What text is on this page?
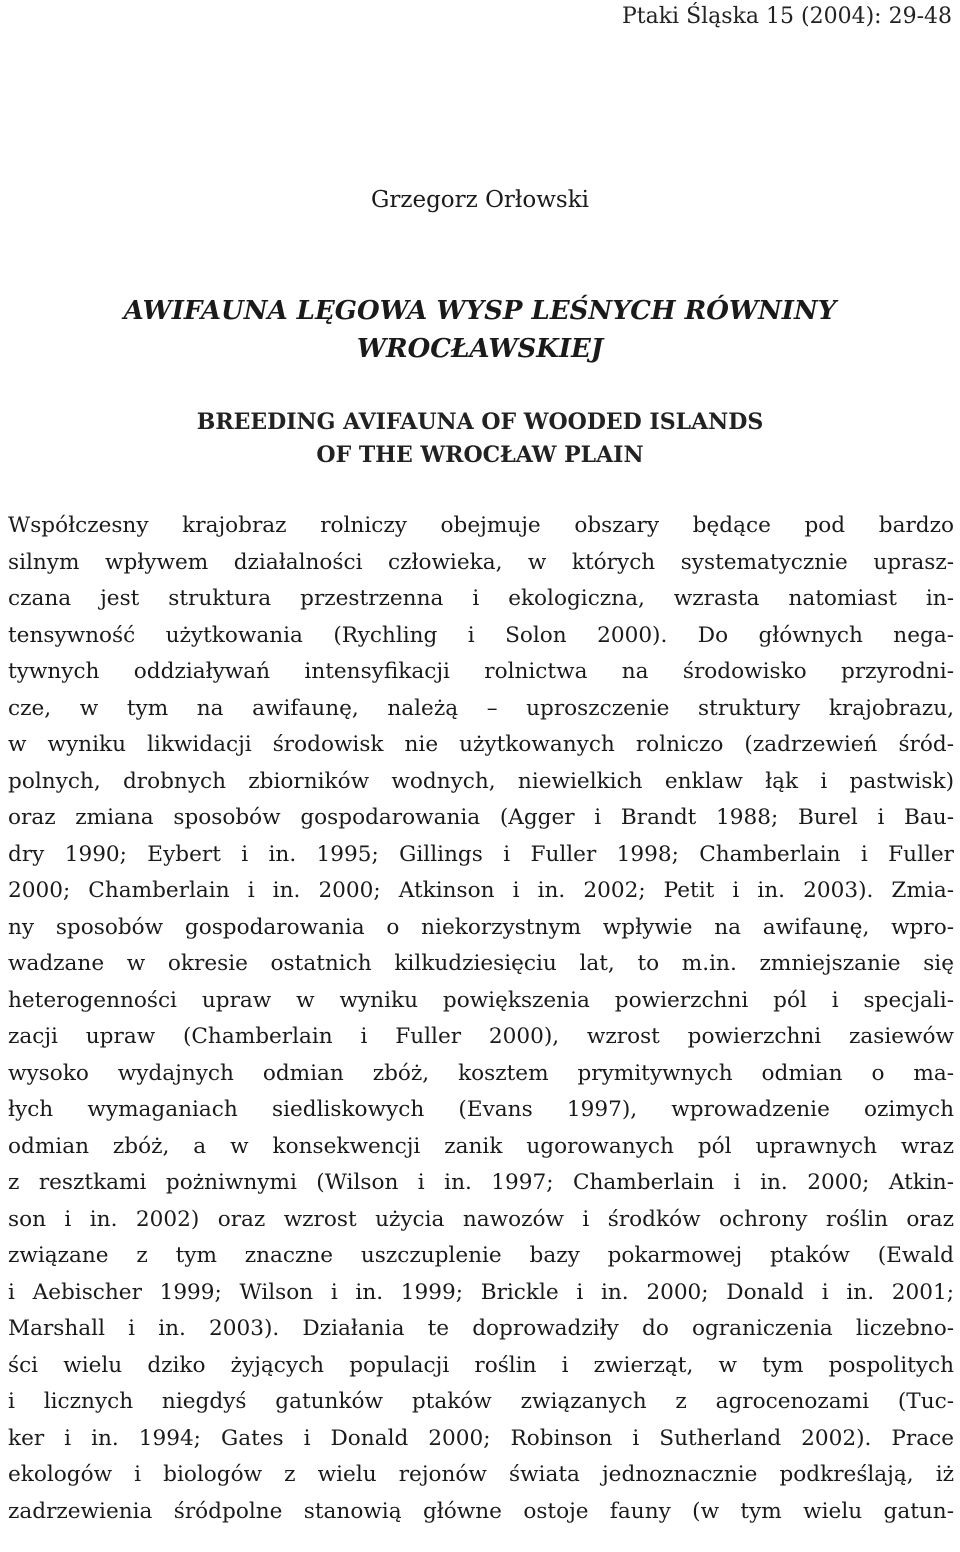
Ptaki Śląska 15 (2004): 29-48
Grzegorz Orłowski
AWIFAUNA LĘGOWA WYSP LEŚNYCH RÓWNINY
WROCŁAWSKIEJ
BREEDING AVIFAUNA OF WOODED ISLANDS
OF THE WROCŁAW PLAIN
Współczesny krajobraz rolniczy obejmuje obszary będące pod bardzo
silnym wpływem działalności człowieka, w których systematycznie uprasz-
czana jest struktura przestrzenna i ekologiczna, wzrasta natomiast in-
tensywność użytkowania (Rychling i Solon 2000). Do głównych nega-
tywnych oddziaływań intensyfikacji rolnictwa na środowisko przyrodni-
cze, w tym na awifaunę, należą – uproszczenie struktury krajobrazu,
w wyniku likwidacji środowisk nie użytkowanych rolniczo (zadrzewień śród-
polnych, drobnych zbiorników wodnych, niewielkich enklaw łąk i pastwisk)
oraz zmiana sposobów gospodarowania (Agger i Brandt 1988; Burel i Bau-
dry 1990; Eybert i in. 1995; Gillings i Fuller 1998; Chamberlain i Fuller
2000; Chamberlain i in. 2000; Atkinson i in. 2002; Petit i in. 2003). Zmia-
ny sposobów gospodarowania o niekorzystnym wpływie na awifaunę, wpro-
wadzane w okresie ostatnich kilkudziesięciu lat, to m.in. zmniejszanie się
heterogenności upraw w wyniku powiększenia powierzchni pól i specjali-
zacji upraw (Chamberlain i Fuller 2000), wzrost powierzchni zasiewów
wysoko wydajnych odmian zbóż, kosztem prymitywnych odmian o ma-
łych wymaganiach siedliskowych (Evans 1997), wprowadzenie ozimych
odmian zbóż, a w konsekwencji zanik ugorowanych pól uprawnych wraz
z resztkami pożniwnymi (Wilson i in. 1997; Chamberlain i in. 2000; Atkin-
son i in. 2002) oraz wzrost użycia nawozów i środków ochrony roślin oraz
związane z tym znaczne uszczuplenie bazy pokarmowej ptaków (Ewald
i Aebischer 1999; Wilson i in. 1999; Brickle i in. 2000; Donald i in. 2001;
Marshall i in. 2003). Działania te doprowadziły do ograniczenia liczebno-
ści wielu dziko żyjących populacji roślin i zwierząt, w tym pospolitych
i licznych niegdyś gatunków ptaków związanych z agrocenozami (Tuc-
ker i in. 1994; Gates i Donald 2000; Robinson i Sutherland 2002). Prace
ekologów i biologów z wielu rejonów świata jednoznacznie podkreślają, iż
zadrzewienia śródpolne stanowią główne ostoje fauny (w tym wielu gatun-
